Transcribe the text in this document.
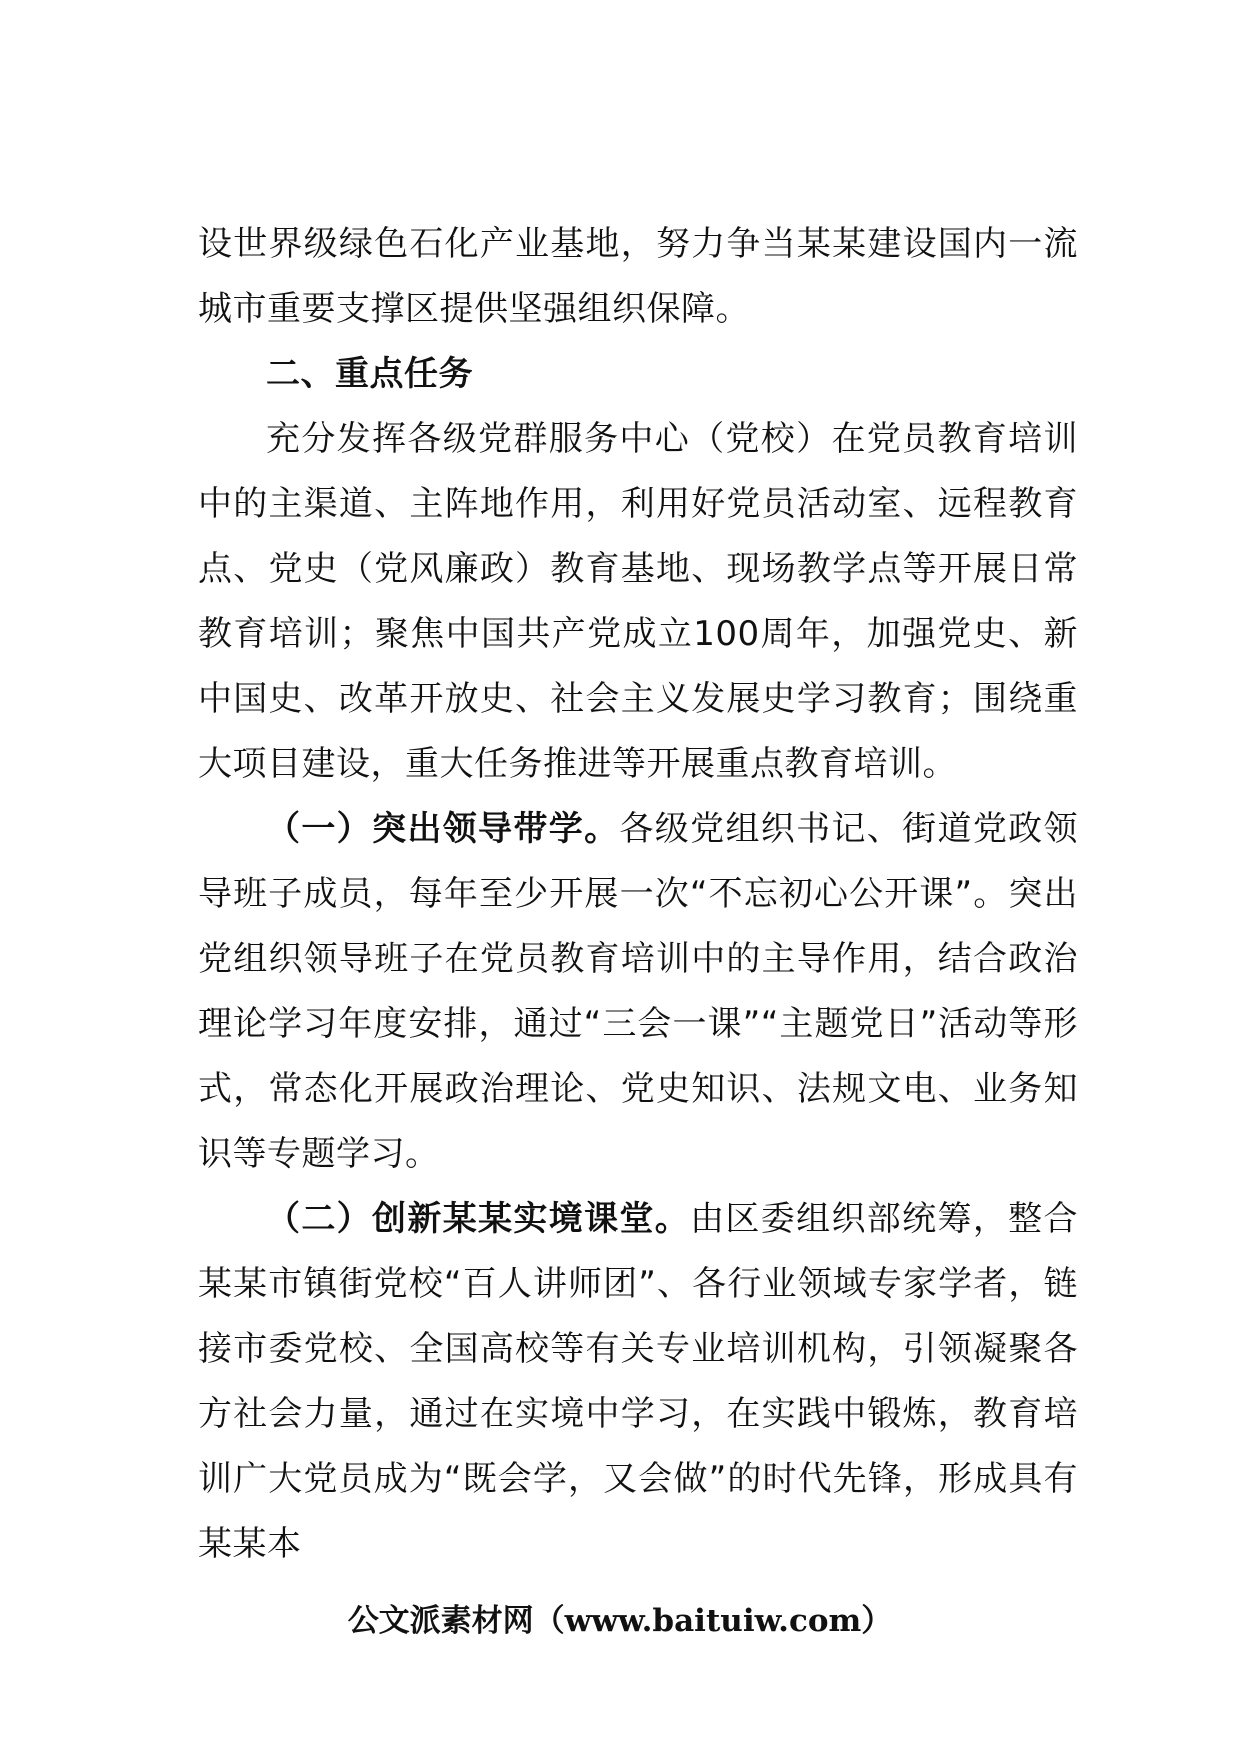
设世界级绿色石化产业基地，努力争当某某建设国内一流城市重要支撑区提供坚强组织保障。

二、重点任务

充分发挥各级党群服务中心（党校）在党员教育培训中的主渠道、主阵地作用，利用好党员活动室、远程教育点、党史（党风廉政）教育基地、现场教学点等开展日常教育培训；聚焦中国共产党成立100周年，加强党史、新中国史、改革开放史、社会主义发展史学习教育；围绕重大项目建设，重大任务推进等开展重点教育培训。

（一）突出领导带学。各级党组织书记、街道党政领导班子成员，每年至少开展一次“不忘初心公开课”。突出党组织领导班子在党员教育培训中的主导作用，结合政治理论学习年度安排，通过“三会一课”“主题党日”活动等形式，常态化开展政治理论、党史知识、法规文电、业务知识等专题学习。

（二）创新某某实境课堂。由区委组织部统筹，整合某某市镇街党校“百人讲师团”、各行业领域专家学者，链接市委党校、全国高校等有关专业培训机构，引领凝聚各方社会力量，通过在实境中学习，在实践中锻炼，教育培训广大党员成为“既会学，又会做”的时代先锋，形成具有某某本

公文派素材网（www.baituiw.com）
